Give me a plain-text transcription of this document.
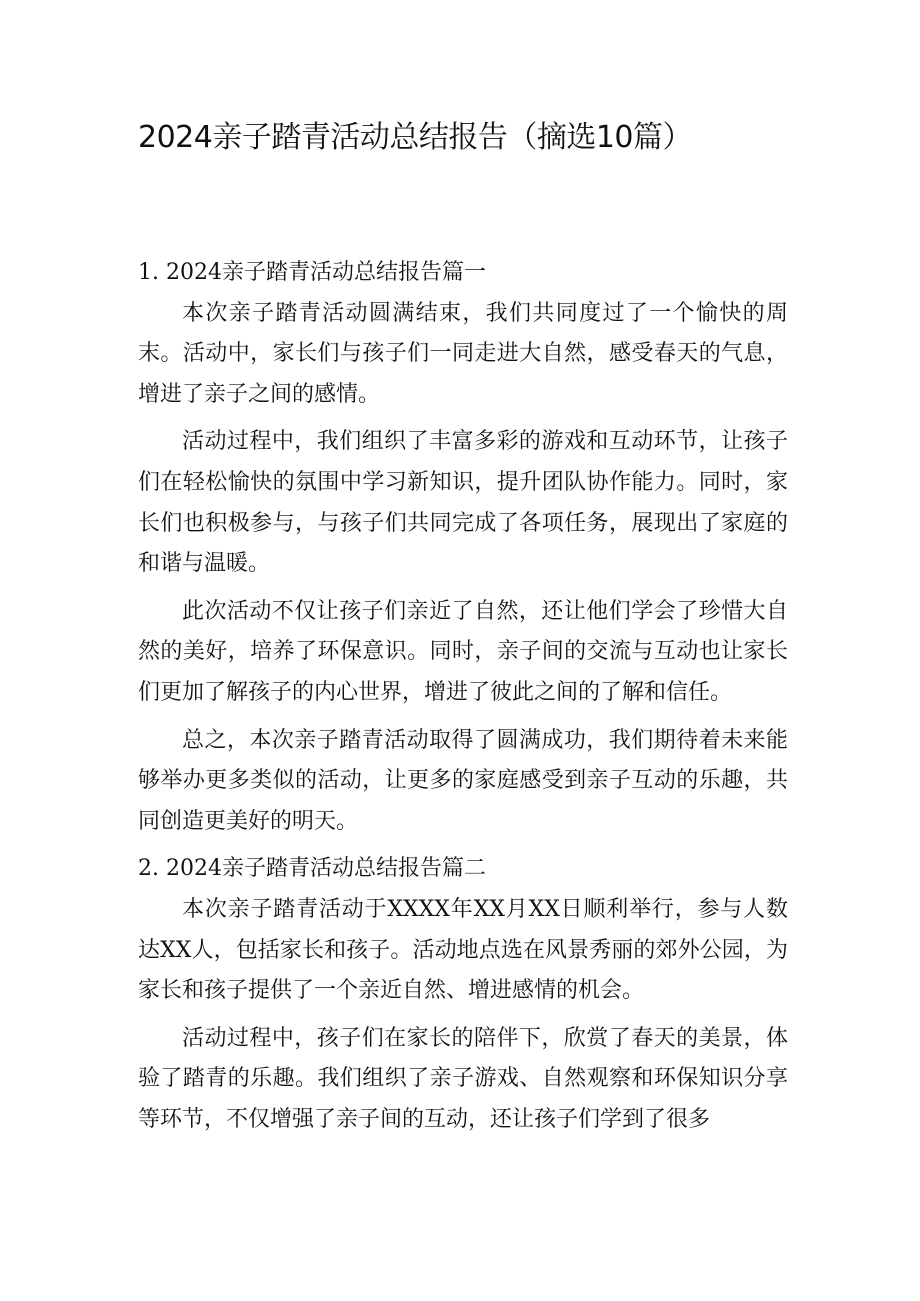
2024亲子踏青活动总结报告（摘选10篇）
1. 2024亲子踏青活动总结报告篇一

本次亲子踏青活动圆满结束，我们共同度过了一个愉快的周末。活动中，家长们与孩子们一同走进大自然，感受春天的气息，增进了亲子之间的感情。

活动过程中，我们组织了丰富多彩的游戏和互动环节，让孩子们在轻松愉快的氛围中学习新知识，提升团队协作能力。同时，家长们也积极参与，与孩子们共同完成了各项任务，展现出了家庭的和谐与温暖。

此次活动不仅让孩子们亲近了自然，还让他们学会了珍惜大自然的美好，培养了环保意识。同时，亲子间的交流与互动也让家长们更加了解孩子的内心世界，增进了彼此之间的了解和信任。

总之，本次亲子踏青活动取得了圆满成功，我们期待着未来能够举办更多类似的活动，让更多的家庭感受到亲子互动的乐趣，共同创造更美好的明天。

2. 2024亲子踏青活动总结报告篇二

本次亲子踏青活动于XXXX年XX月XX日顺利举行，参与人数达XX人，包括家长和孩子。活动地点选在风景秀丽的郊外公园，为家长和孩子提供了一个亲近自然、增进感情的机会。

活动过程中，孩子们在家长的陪伴下，欣赏了春天的美景，体验了踏青的乐趣。我们组织了亲子游戏、自然观察和环保知识分享等环节，不仅增强了亲子间的互动，还让孩子们学到了很多
